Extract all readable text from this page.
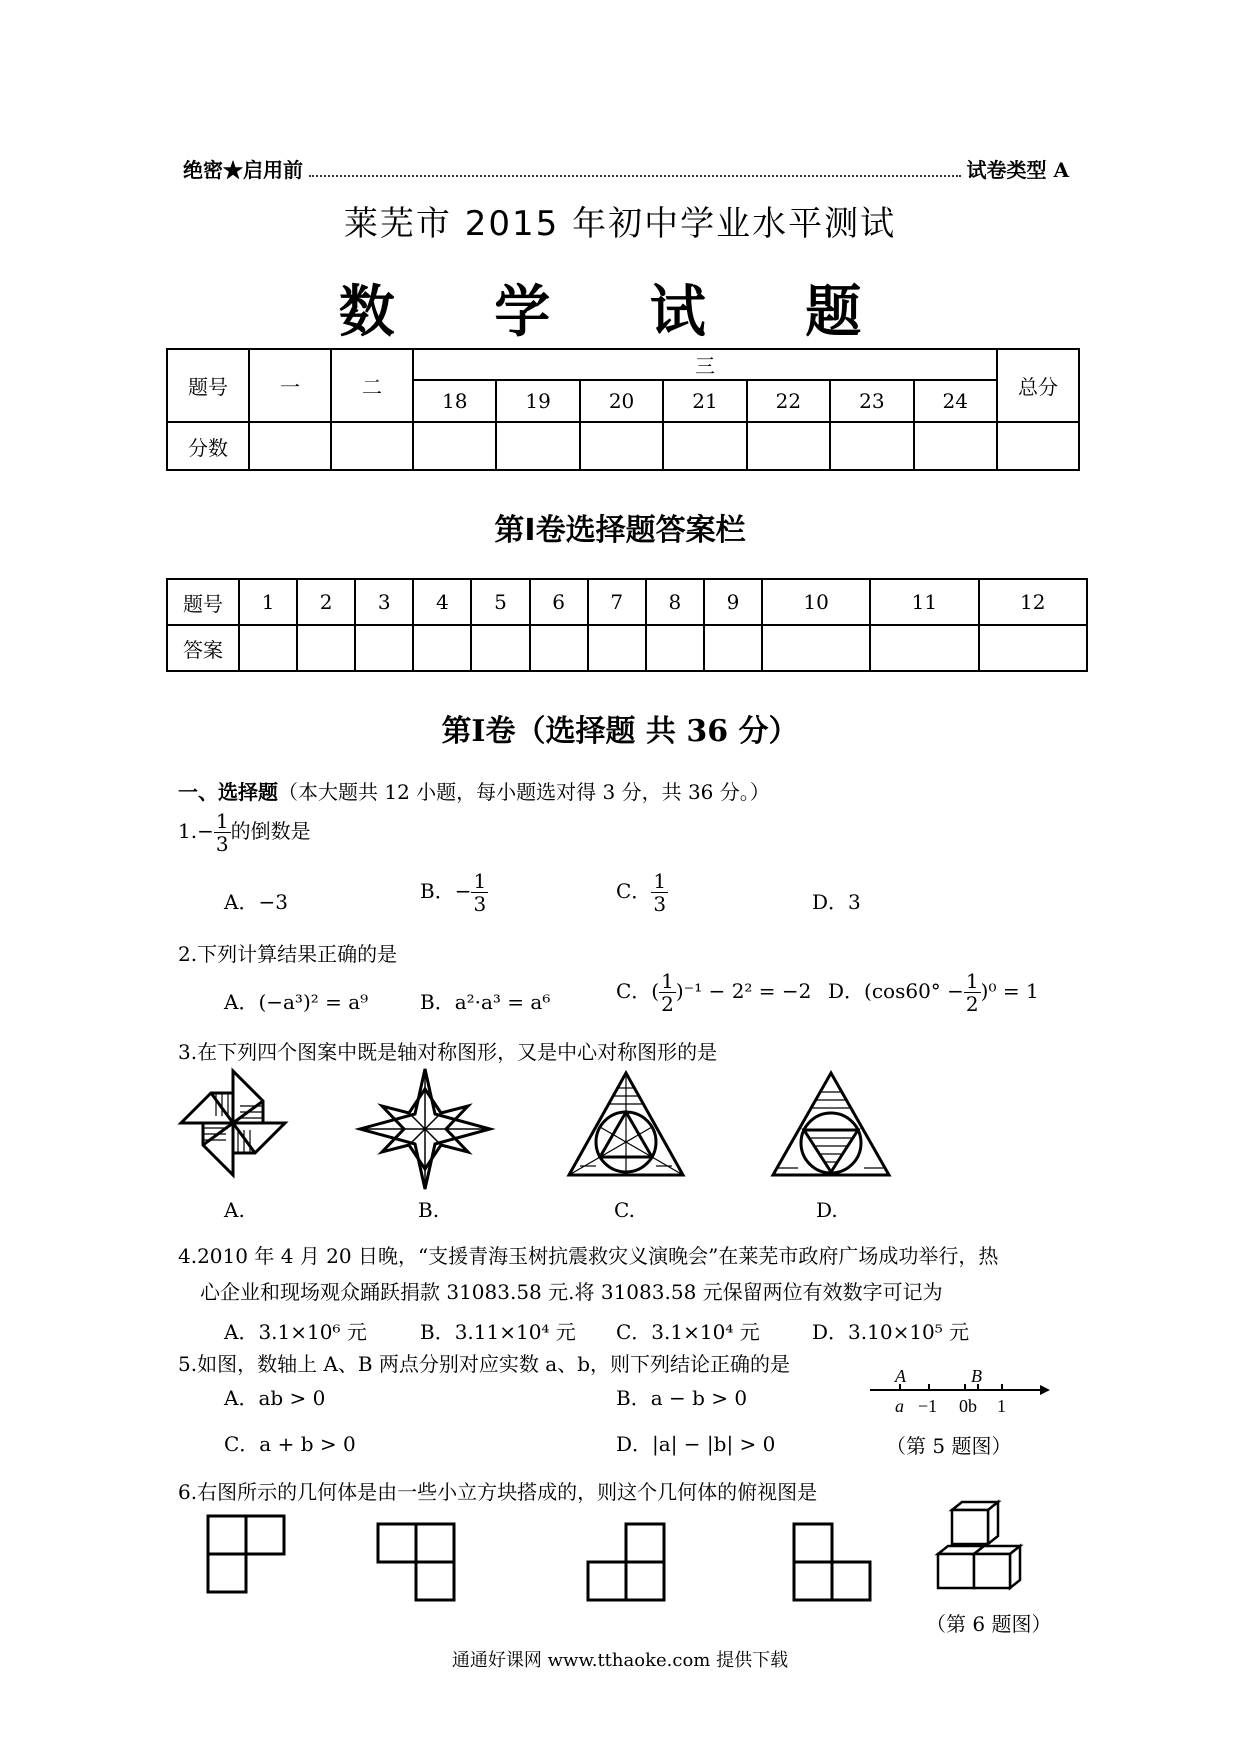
绝密★启用前	试卷类型 A
莱芜市 2015 年初中学业水平测试
数 学 试 题
题号	一	二	三							总分
			18	19	20	21	22	23	24	
分数										
第Ⅰ卷选择题答案栏
题号	1	2	3	4	5	6	7	8	9	10	11	12
答案												
第Ⅰ卷（选择题 共 36 分）
一、选择题（本大题共 12 小题，每小题选对得 3 分，共 36 分。）
$1.- \frac{1}{3}$ 的倒数是
A．−3	B．− $\frac{1}{3}$	C． $\frac{1}{3}$	D．3
2.下列计算结果正确的是
A．(−a³)² = a⁹	B．a²·a³ = a⁶	C．( $\frac{1}{2} )^{-1} - 2^2 = -2$ D．$(\cos 60^\circ - \frac{1}{2} )^0 = 1$
3.在下列四个图案中既是轴对称图形，又是中心对称图形的是
A.	B.	C.	D.
4.2010 年 4 月 20 日晚，“支援青海玉树抗震救灾义演晚会”在莱芜市政府广场成功举行，热
心企业和现场观众踊跃捐款 31083.58 元.将 31083.58 元保留两位有效数字可记为
A．3.1×10⁶ 元	B．3.11×10⁴ 元 C．3.1×10⁴ 元	D．3.10×10⁵ 元
5.如图，数轴上 A、B 两点分别对应实数 a、b，则下列结论正确的是
A．ab > 0	B．a − b > 0
C．a + b > 0	D．|a| − |b| > 0
A	B
a −1 0b 1
（第 5 题图）
6.右图所示的几何体是由一些小立方块搭成的，则这个几何体的俯视图是
（第 6 题图）
通通好课网 www.tthaoke.com 提供下载
